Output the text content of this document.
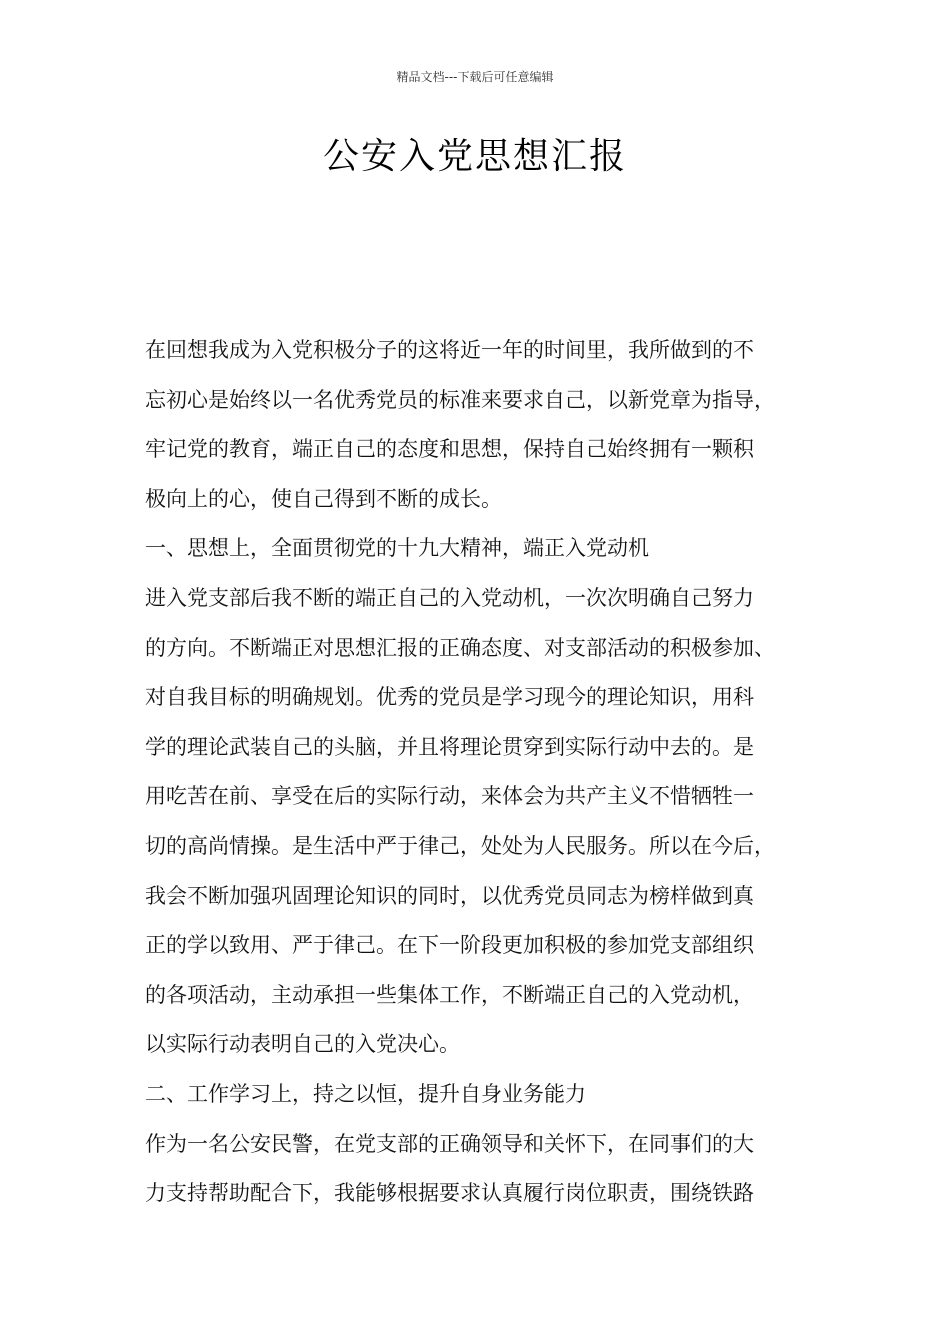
精品文档---下载后可任意编辑
公安入党思想汇报
在回想我成为入党积极分子的这将近一年的时间里，我所做到的不
忘初心是始终以一名优秀党员的标准来要求自己，以新党章为指导，
牢记党的教育，端正自己的态度和思想，保持自己始终拥有一颗积
极向上的心，使自己得到不断的成长。
一、思想上，全面贯彻党的十九大精神，端正入党动机
进入党支部后我不断的端正自己的入党动机，一次次明确自己努力
的方向。不断端正对思想汇报的正确态度、对支部活动的积极参加、
对自我目标的明确规划。优秀的党员是学习现今的理论知识，用科
学的理论武装自己的头脑，并且将理论贯穿到实际行动中去的。是
用吃苦在前、享受在后的实际行动，来体会为共产主义不惜牺牲一
切的高尚情操。是生活中严于律己，处处为人民服务。所以在今后，
我会不断加强巩固理论知识的同时，以优秀党员同志为榜样做到真
正的学以致用、严于律己。在下一阶段更加积极的参加党支部组织
的各项活动，主动承担一些集体工作，不断端正自己的入党动机，
以实际行动表明自己的入党决心。
二、工作学习上，持之以恒，提升自身业务能力
作为一名公安民警，在党支部的正确领导和关怀下，在同事们的大
力支持帮助配合下，我能够根据要求认真履行岗位职责，围绕铁路
